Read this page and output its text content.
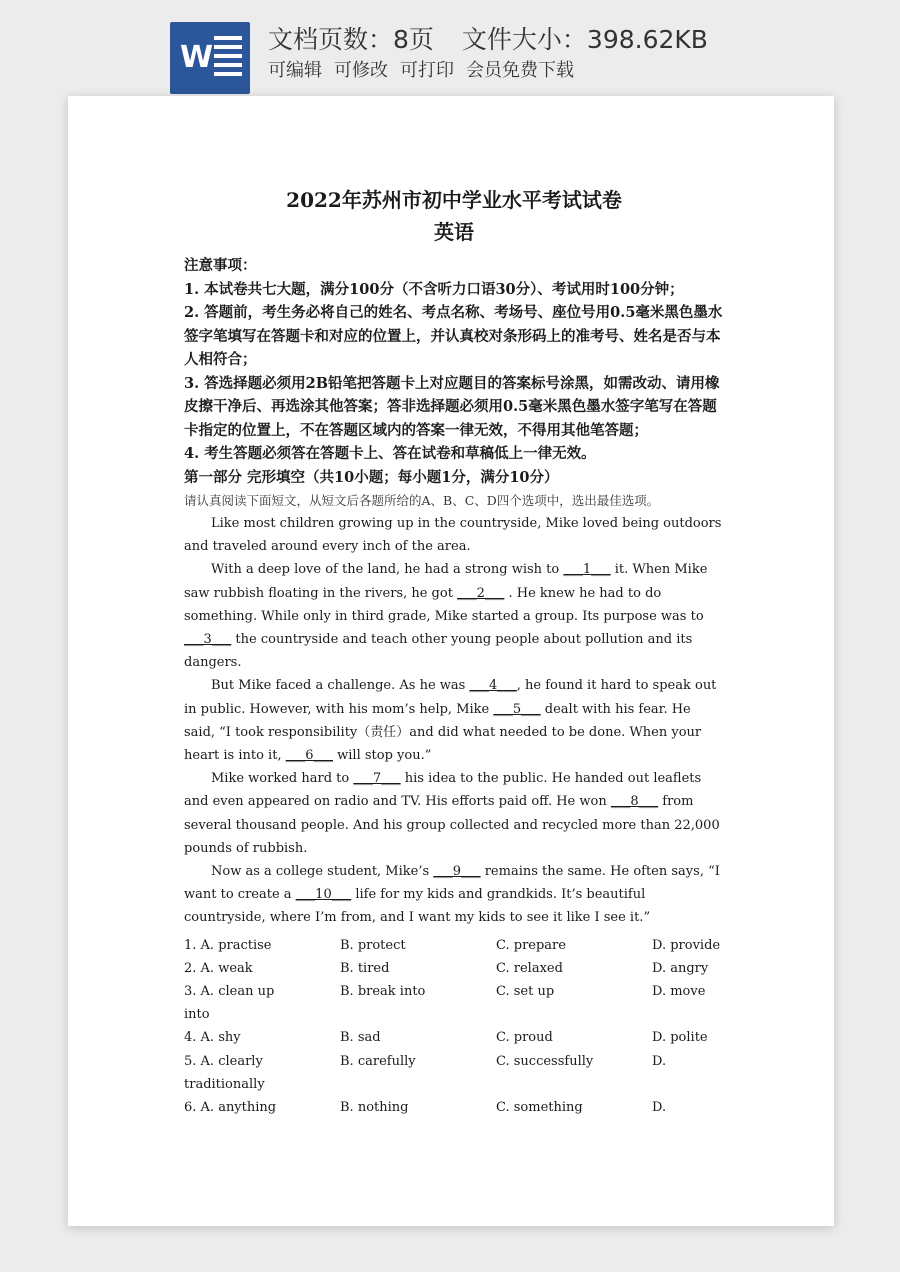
W
文档页数：8页 文件大小：398.62KB
可编辑 可修改 可打印 会员免费下载
2022年苏州市初中学业水平考试试卷
英语

注意事项：

1. 本试卷共七大题，满分100分（不含听力口语30分）、考试用时100分钟；

2. 答题前，考生务必将自己的姓名、考点名称、考场号、座位号用0.5毫米黑色墨水签字笔填写在答题卡和对应的位置上，并认真校对条形码上的准考号、姓名是否与本人相符合；

3. 答选择题必须用2B铅笔把答题卡上对应题目的答案标号涂黑，如需改动、请用橡皮擦干净后、再选涂其他答案；答非选择题必须用0.5毫米黑色墨水签字笔写在答题卡指定的位置上，不在答题区域内的答案一律无效，不得用其他笔答题；

4. 考生答题必须答在答题卡上、答在试卷和草稿低上一律无效。

第一部分 完形填空（共10小题；每小题1分，满分10分）

请认真阅读下面短文，从短文后各题所给的A、B、C、D四个选项中，选出最佳选项。

Like most children growing up in the countryside, Mike loved being outdoors and traveled around every inch of the area.

With a deep love of the land, he had a strong wish to ___1___ it. When Mike saw rubbish floating in the rivers, he got ___2___ . He knew he had to do something. While only in third grade, Mike started a group. Its purpose was to ___3___ the countryside and teach other young people about pollution and its dangers.

But Mike faced a challenge. As he was ___4___, he found it hard to speak out in public. However, with his mom’s help, Mike ___5___ dealt with his fear. He said, “I took responsibility（责任）and did what needed to be done. When your heart is into it, ___6___ will stop you.”

Mike worked hard to ___7___ his idea to the public. He handed out leaflets and even appeared on radio and TV. His efforts paid off. He won ___8___ from several thousand people. And his group collected and recycled more than 22,000 pounds of rubbish.

Now as a college student, Mike’s ___9___ remains the same. He often says, “I want to create a ___10___ life for my kids and grandkids. It’s beautiful countryside, where I’m from, and I want my kids to see it like I see it.”

1. A. practise	B. protect	C. prepare	D. provide
2. A. weak	B. tired	C. relaxed	D. angry
3. A. clean up	B. break into	C. set up	D. move
into
4. A. shy	B. sad	C. proud	D. polite
5. A. clearly	B. carefully	C. successfully	D.
traditionally
6. A. anything	B. nothing	C. something	D.
